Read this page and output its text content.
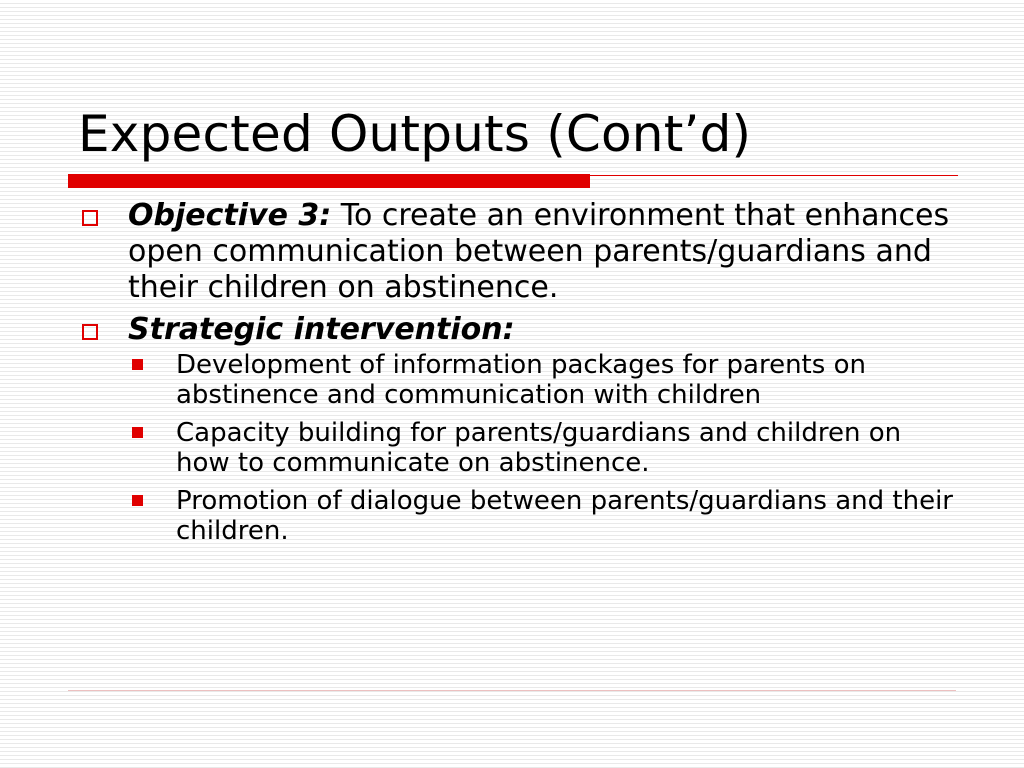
Expected Outputs (Cont’d)
Objective 3: To create an environment that enhances open communication between parents/guardians and their children on abstinence.
Strategic intervention:
Development of information packages for parents on abstinence and communication with children
Capacity building for parents/guardians and children on how to communicate on abstinence.
Promotion of dialogue between parents/guardians and their children.
